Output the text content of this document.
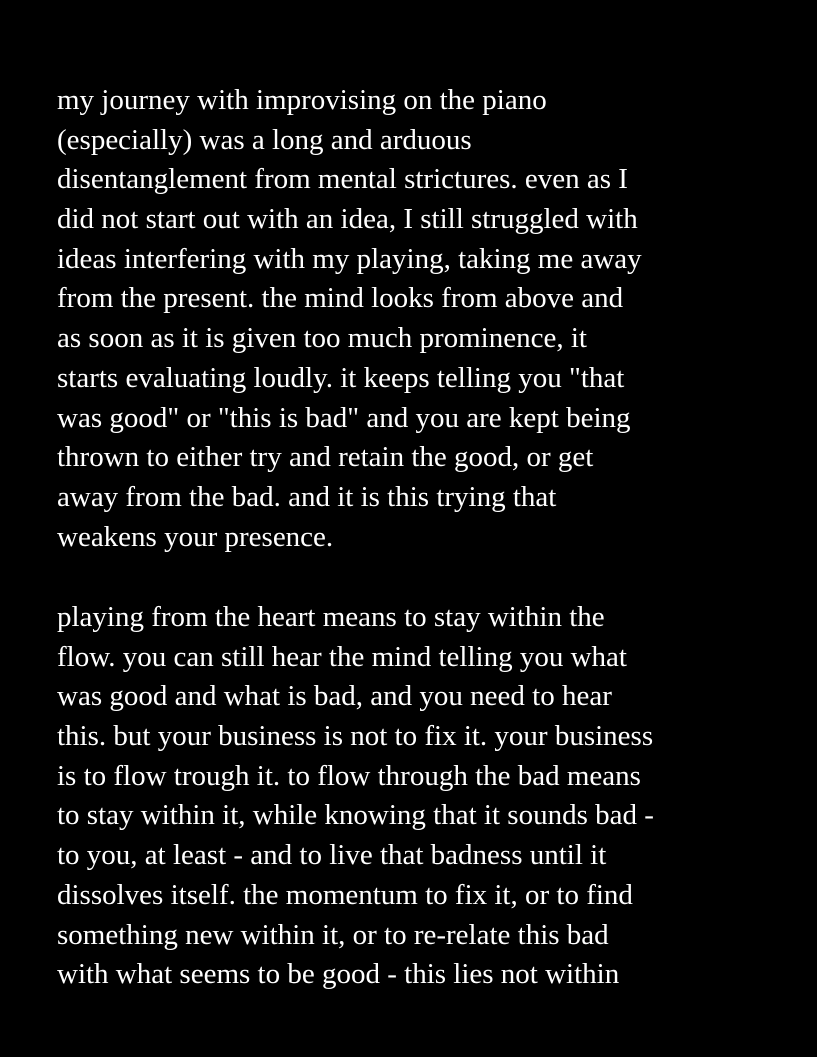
my journey with improvising on the piano
(especially) was a long and arduous
disentanglement from mental strictures. even as I
did not start out with an idea, I still struggled with
ideas interfering with my playing, taking me away
from the present. the mind looks from above and
as soon as it is given too much prominence, it
starts evaluating loudly. it keeps telling you "that
was good" or "this is bad" and you are kept being
thrown to either try and retain the good, or get
away from the bad. and it is this trying that
weakens your presence.
playing from the heart means to stay within the
flow. you can still hear the mind telling you what
was good and what is bad, and you need to hear
this. but your business is not to fix it. your business
is to flow trough it. to flow through the bad means
to stay within it, while knowing that it sounds bad -
to you, at least - and to live that badness until it
dissolves itself. the momentum to fix it, or to find
something new within it, or to re-relate this bad
with what seems to be good - this lies not within
